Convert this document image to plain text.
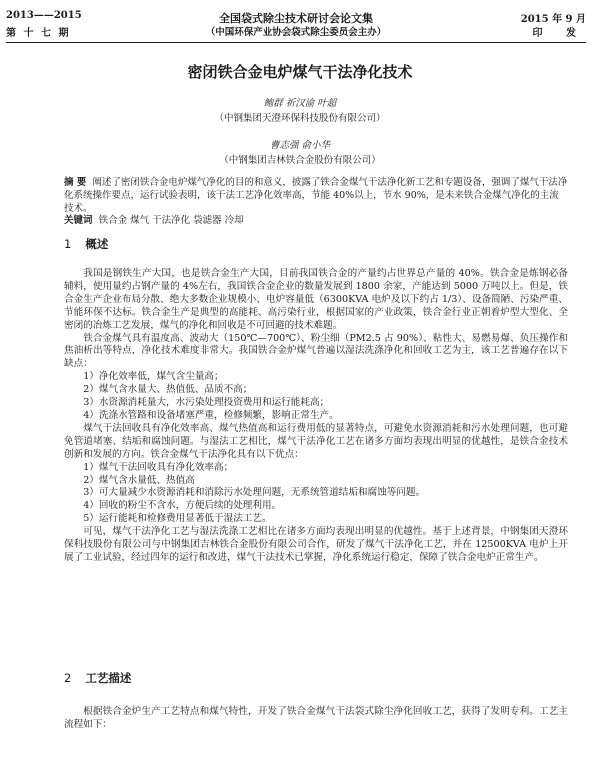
2013——2015
第 十 七 期
全国袋式除尘技术研讨会论文集
（中国环保产业协会袋式除尘委员会主办）
2015 年 9 月
印 发
密闭铁合金电炉煤气干法净化技术
鲍群 祈汉渝 叶超
（中钢集团天澄环保科技股份有限公司）
曹志强 俞小华
（中钢集团吉林铁合金股份有限公司）
摘 要 阐述了密闭铁合金电炉煤气净化的目的和意义，披露了铁合金煤气干法净化新工艺和专题设备，强调了煤气干法净化系统操作要点，运行试验表明，该干法工艺净化效率高，节能 40%以上，节水 90%，是未来铁合金煤气净化的主流技术。
关键词 铁合金 煤气 干法净化 袋滤器 冷却
1 概述

我国是钢铁生产大国，也是铁合金生产大国，目前我国铁合金的产量约占世界总产量的 40%。铁合金是炼钢必备辅料，使用量约占钢产量的 4%左右，我国铁合金企业的数量发展到 1800 余家，产能达到 5000 万吨以上。但是，铁合金生产企业布局分散、绝大多数企业规模小、电炉容量低（6300KVA 电炉及以下约占 1/3）、设备简陋、污染严重、节能环保不达标。铁合金生产是典型的高能耗、高污染行业，根据国家的产业政策，铁合金行业正朝着炉型大型化、全密闭的冶炼工艺发展，煤气的净化和回收是不可回避的技术难题。

铁合金煤气具有温度高、波动大（150℃—700℃）、粉尘细（PM2.5 占 90%）、粘性大、易燃易爆、负压操作和焦油析出等特点，净化技术难度非常大。我国铁合金炉煤气普遍以湿法洗涤净化和回收工艺为主，该工艺普遍存在以下缺点：

1）净化效率低，煤气含尘量高；
2）煤气含水量大、热值低、品质不高；
3）水资源消耗量大，水污染处理投资费用和运行能耗高；
4）洗涤水管路和设备堵塞严重，检修频繁，影响正常生产。

煤气干法回收具有净化效率高、煤气热值高和运行费用低的显著特点，可避免水资源消耗和污水处理问题，也可避免管道堵塞、结垢和腐蚀问题。与湿法工艺相比，煤气干法净化工艺在诸多方面均表现出明显的优越性，是铁合金技术创新和发展的方向。铁合金煤气干法净化具有以下优点：

1）煤气干法回收具有净化效率高；
2）煤气含水量低、热值高
3）可大量减少水资源消耗和消除污水处理问题，无系统管道结垢和腐蚀等问题。
4）回收的粉尘不含水，方便后续的处理利用。
5）运行能耗和检修费用显著低于湿法工艺。

可见，煤气干法净化工艺与湿法洗涤工艺相比在诸多方面均表现出明显的优越性。基于上述背景，中钢集团天澄环保科技股份有限公司与中钢集团吉林铁合金股份有限公司合作，研发了煤气干法净化工艺，并在 12500KVA 电炉上开展了工业试验，经过四年的运行和改进，煤气干法技术已掌握，净化系统运行稳定，保障了铁合金电炉正常生产。

2 工艺描述

根据铁合金炉生产工艺特点和煤气特性，开发了铁合金煤气干法袋式除尘净化回收工艺，获得了发明专利。工艺主流程如下：
